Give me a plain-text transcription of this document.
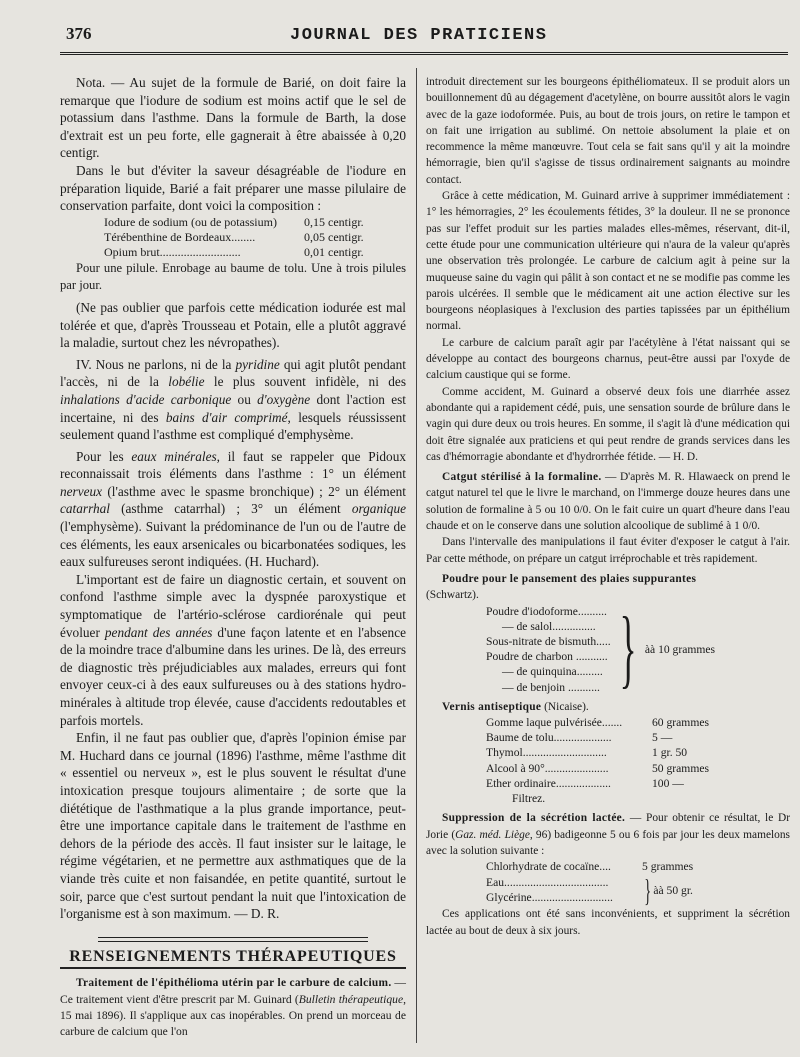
376	JOURNAL DES PRATICIENS

Nota. — Au sujet de la formule de Barié, on doit faire la remarque que l'iodure de sodium est moins actif que le sel de potassium dans l'asthme. Dans la formule de Barth, la dose d'extrait est un peu forte, elle gagnerait à être abaissée à 0,20 centigr.

Dans le but d'éviter la saveur désagréable de l'iodure en préparation liquide, Barié a fait préparer une masse pilulaire de conservation parfaite, dont voici la composition :

Iodure de sodium (ou de potassium)	0,15 centigr.
Térébenthine de Bordeaux........	0,05 centigr.
Opium brut...........................	0,01 centigr.

Pour une pilule. Enrobage au baume de tolu. Une à trois pilules par jour.

(Ne pas oublier que parfois cette médication iodurée est mal tolérée et que, d'après Trousseau et Potain, elle a plutôt aggravé la maladie, surtout chez les névropathes).

IV. Nous ne parlons, ni de la pyridine qui agit plutôt pendant l'accès, ni de la lobélie le plus souvent infidèle, ni des inhalations d'acide carbonique ou d'oxygène dont l'action est incertaine, ni des bains d'air comprimé, lesquels réussissent seulement quand l'asthme est compliqué d'emphysème.

Pour les eaux minérales, il faut se rappeler que Pidoux reconnaissait trois éléments dans l'asthme : 1° un élément nerveux (l'asthme avec le spasme bronchique) ; 2° un élément catarrhal (asthme catarrhal) ; 3° un élément organique (l'emphysème). Suivant la prédominance de l'un ou de l'autre de ces éléments, les eaux arsenicales ou bicarbonatées sodiques, les eaux sulfureuses seront indiquées. (H. Huchard).

L'important est de faire un diagnostic certain, et souvent on confond l'asthme simple avec la dyspnée paroxystique et symptomatique de l'artério-sclérose cardiorénale qui peut évoluer pendant des années d'une façon latente et en l'absence de la moindre trace d'albumine dans les urines. De là, des erreurs de diagnostic très préjudiciables aux malades, erreurs qui font envoyer ceux-ci à des eaux sulfureuses ou à des stations hydro-minérales à altitude trop élevée, cause d'accidents redoutables et parfois mortels.

Enfin, il ne faut pas oublier que, d'après l'opinion émise par M. Huchard dans ce journal (1896) l'asthme, même l'asthme dit « essentiel ou nerveux », est le plus souvent le résultat d'une intoxication presque toujours alimentaire ; de sorte que la diététique de l'asthmatique a la plus grande importance, peut-être une importance capitale dans le traitement de l'asthme en dehors de la période des accès. Il faut insister sur le laitage, le régime végétarien, et ne permettre aux asthmatiques que de la viande très cuite et non faisandée, en petite quantité, surtout le soir, parce que c'est surtout pendant la nuit que l'intoxication de l'organisme est à son maximum. — D. R.

RENSEIGNEMENTS THÉRAPEUTIQUES

Traitement de l'épithélioma utérin par le carbure de calcium. — Ce traitement vient d'être prescrit par M. Guinard (Bulletin thérapeutique, 15 mai 1896). Il s'applique aux cas inopérables. On prend un morceau de carbure de calcium que l'on

introduit directement sur les bourgeons épithéliomateux. Il se produit alors un bouillonnement dû au dégagement d'acetylène, on bourre aussitôt alors le vagin avec de la gaze iodoformée. Puis, au bout de trois jours, on retire le tampon et on fait une irrigation au sublimé. On nettoie absolument la plaie et on recommence la même manœuvre. Tout cela se fait sans qu'il y ait la moindre hémorragie, bien qu'il s'agisse de tissus ordinairement saignants au moindre contact.

Grâce à cette médication, M. Guinard arrive à supprimer immédiatement : 1° les hémorragies, 2° les écoulements fétides, 3° la douleur. Il ne se prononce pas sur l'effet produit sur les parties malades elles-mêmes, réservant, dit-il, cette étude pour une communication ultérieure qui n'aura de la valeur qu'après une observation très prolongée. Le carbure de calcium agit à peine sur la muqueuse saine du vagin qui pâlit à son contact et ne se modifie pas comme les parois ulcérées. Il semble que le médicament ait une action élective sur les bourgeons néoplasiques à l'exclusion des parties tapissées par un épithélium normal.

Le carbure de calcium paraît agir par l'acétylène à l'état naissant qui se développe au contact des bourgeons charnus, peut-être aussi par l'oxyde de calcium caustique qui se forme.

Comme accident, M. Guinard a observé deux fois une diarrhée assez abondante qui a rapidement cédé, puis, une sensation sourde de brûlure dans le vagin qui dure deux ou trois heures. En somme, il s'agit là d'une médication qui doit être signalée aux praticiens et qui peut rendre de grands services dans les cas d'hémorragie abondante et d'hydrorrhée fétide. — H. D.

Catgut stérilisé à la formaline. — D'après M. R. Hlawaeck on prend le catgut naturel tel que le livre le marchand, on l'immerge douze heures dans une solution de formaline à 5 ou 10 0/0. On le fait cuire un quart d'heure dans l'eau chaude et on le conserve dans une solution alcoolique de sublimé à 1 0/0.

Dans l'intervalle des manipulations il faut éviter d'exposer le catgut à l'air. Par cette méthode, on prépare un catgut irréprochable et très rapidement.

Poudre pour le pansement des plaies suppurantes

(Schwartz).

Poudre d'iodoforme..........
— de salol...............
Sous-nitrate de bismuth.....
Poudre de charbon ...........
— de quinquina.........
— de benjoin ........... } àà 10 grammes

Vernis antiseptique (Nicaise).

Gomme laque pulvérisée.......	60 grammes
Baume de tolu....................	5 —
Thymol.............................	1 gr. 50
Alcool à 90°......................	50 grammes
Ether ordinaire...................	100 —
Filtrez.

Suppression de la sécrétion lactée. — Pour obtenir ce résultat, le Dr Jorie (Gaz. méd. Liège, 96) badigeonne 5 ou 6 fois par jour les deux mamelons avec la solution suivante :

Chlorhydrate de cocaïne....	5 grammes
Eau....................................
Glycérine............................ } àà 50 gr.

Ces applications ont été sans inconvénients, et suppriment la sécrétion lactée au bout de deux à six jours.
